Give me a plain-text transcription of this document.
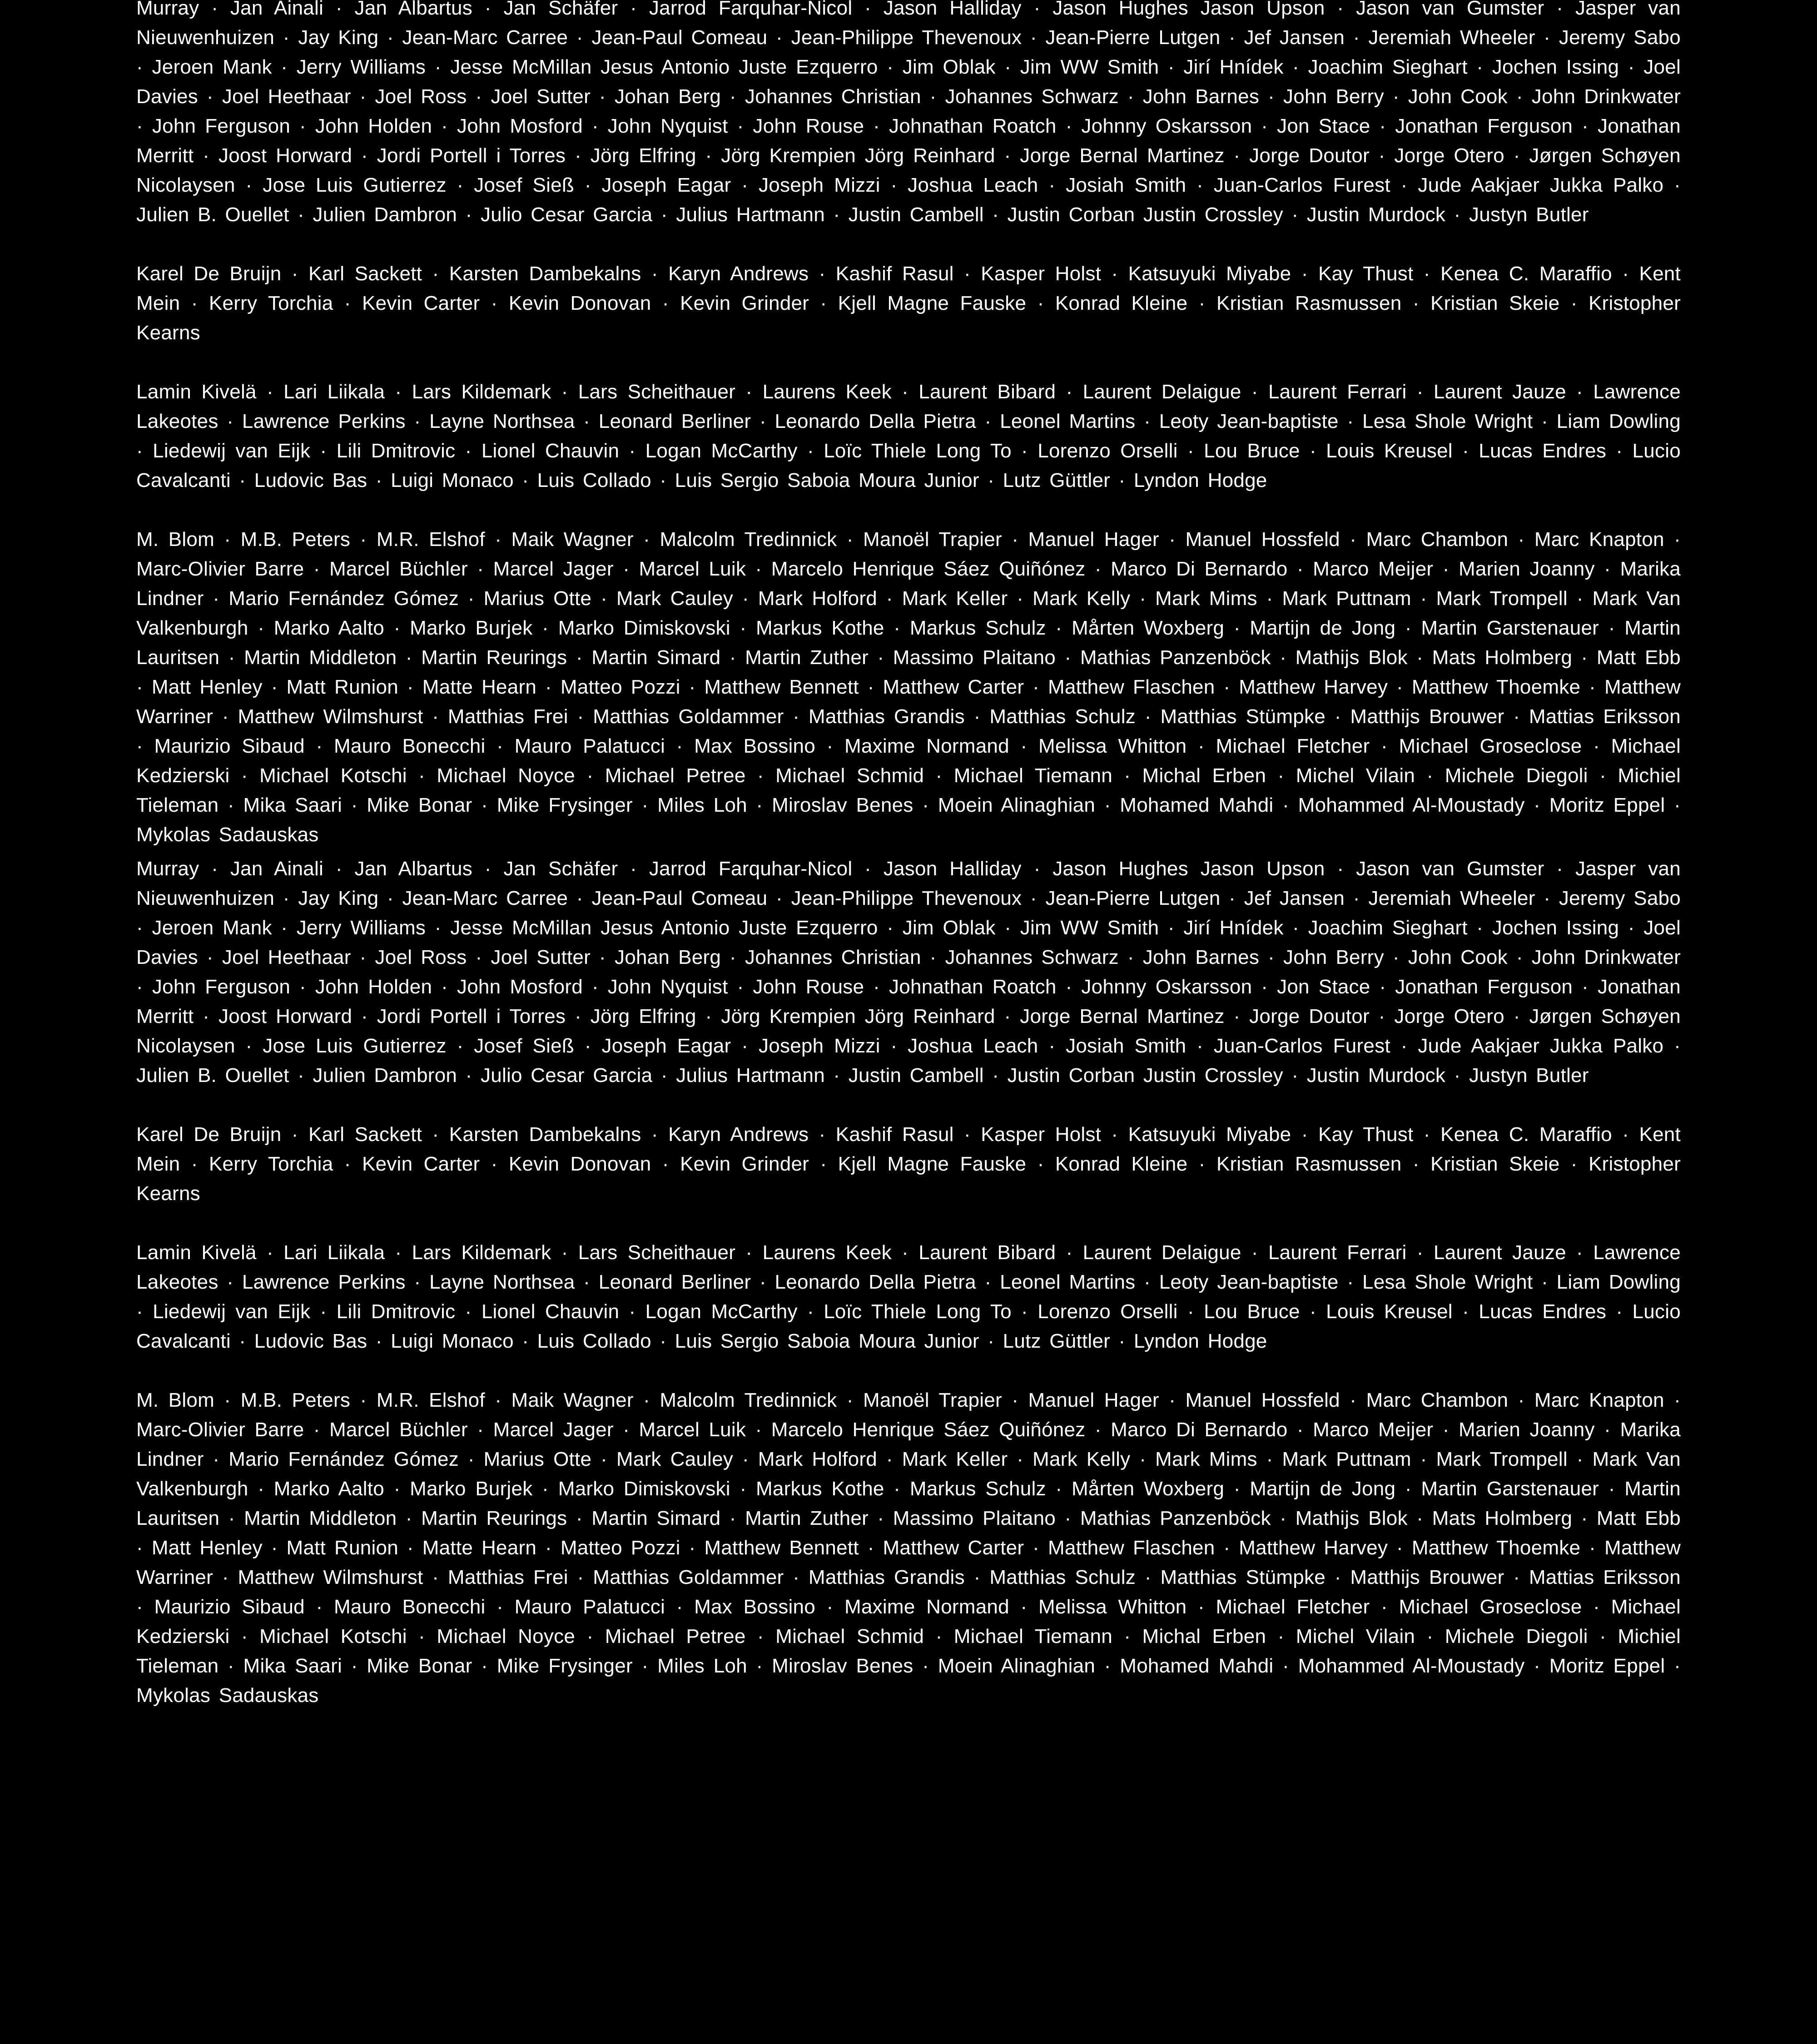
Murray · Jan Ainali · Jan Albartus · Jan Schäfer · Jarrod Farquhar-Nicol · Jason Halliday · Jason Hughes Jason Upson · Jason van Gumster · Jasper van Nieuwenhuizen · Jay King · Jean-Marc Carree · Jean-Paul Comeau · Jean-Philippe Thevenoux · Jean-Pierre Lutgen · Jef Jansen · Jeremiah Wheeler · Jeremy Sabo · Jeroen Mank · Jerry Williams · Jesse McMillan Jesus Antonio Juste Ezquerro · Jim Oblak · Jim WW Smith · Jirí Hnídek · Joachim Sieghart · Jochen Issing · Joel Davies · Joel Heethaar · Joel Ross · Joel Sutter · Johan Berg · Johannes Christian · Johannes Schwarz · John Barnes · John Berry · John Cook · John Drinkwater · John Ferguson · John Holden · John Mosford · John Nyquist · John Rouse · Johnathan Roatch · Johnny Oskarsson · Jon Stace · Jonathan Ferguson · Jonathan Merritt · Joost Horward · Jordi Portell i Torres · Jörg Elfring · Jörg Krempien Jörg Reinhard · Jorge Bernal Martinez · Jorge Doutor · Jorge Otero · Jørgen Schøyen Nicolaysen · Jose Luis Gutierrez · Josef Sieß · Joseph Eagar · Joseph Mizzi · Joshua Leach · Josiah Smith · Juan-Carlos Furest · Jude Aakjaer Jukka Palko · Julien B. Ouellet · Julien Dambron · Julio Cesar Garcia · Julius Hartmann · Justin Cambell · Justin Corban Justin Crossley · Justin Murdock · Justyn Butler

Karel De Bruijn · Karl Sackett · Karsten Dambekalns · Karyn Andrews · Kashif Rasul · Kasper Holst · Katsuyuki Miyabe · Kay Thust · Kenea C. Maraffio · Kent Mein · Kerry Torchia · Kevin Carter · Kevin Donovan · Kevin Grinder · Kjell Magne Fauske · Konrad Kleine · Kristian Rasmussen · Kristian Skeie · Kristopher Kearns

Lamin Kivelä · Lari Liikala · Lars Kildemark · Lars Scheithauer · Laurens Keek · Laurent Bibard · Laurent Delaigue · Laurent Ferrari · Laurent Jauze · Lawrence Lakeotes · Lawrence Perkins · Layne Northsea · Leonard Berliner · Leonardo Della Pietra · Leonel Martins · Leoty Jean-baptiste · Lesa Shole Wright · Liam Dowling · Liedewij van Eijk · Lili Dmitrovic · Lionel Chauvin · Logan McCarthy · Loïc Thiele Long To · Lorenzo Orselli · Lou Bruce · Louis Kreusel · Lucas Endres · Lucio Cavalcanti · Ludovic Bas · Luigi Monaco · Luis Collado · Luis Sergio Saboia Moura Junior · Lutz Güttler · Lyndon Hodge

M. Blom · M.B. Peters · M.R. Elshof · Maik Wagner · Malcolm Tredinnick · Manoël Trapier · Manuel Hager · Manuel Hossfeld · Marc Chambon · Marc Knapton · Marc-Olivier Barre · Marcel Büchler · Marcel Jager · Marcel Luik · Marcelo Henrique Sáez Quiñónez · Marco Di Bernardo · Marco Meijer · Marien Joanny · Marika Lindner · Mario Fernández Gómez · Marius Otte · Mark Cauley · Mark Holford · Mark Keller · Mark Kelly · Mark Mims · Mark Puttnam · Mark Trompell · Mark Van Valkenburgh · Marko Aalto · Marko Burjek · Marko Dimiskovski · Markus Kothe · Markus Schulz · Mårten Woxberg · Martijn de Jong · Martin Garstenauer · Martin Lauritsen · Martin Middleton · Martin Reurings · Martin Simard · Martin Zuther · Massimo Plaitano · Mathias Panzenböck · Mathijs Blok · Mats Holmberg · Matt Ebb · Matt Henley · Matt Runion · Matte Hearn · Matteo Pozzi · Matthew Bennett · Matthew Carter · Matthew Flaschen · Matthew Harvey · Matthew Thoemke · Matthew Warriner · Matthew Wilmshurst · Matthias Frei · Matthias Goldammer · Matthias Grandis · Matthias Schulz · Matthias Stümpke · Matthijs Brouwer · Mattias Eriksson · Maurizio Sibaud · Mauro Bonecchi · Mauro Palatucci · Max Bossino · Maxime Normand · Melissa Whitton · Michael Fletcher · Michael Groseclose · Michael Kedzierski · Michael Kotschi · Michael Noyce · Michael Petree · Michael Schmid · Michael Tiemann · Michal Erben · Michel Vilain · Michele Diegoli · Michiel Tieleman · Mika Saari · Mike Bonar · Mike Frysinger · Miles Loh · Miroslav Benes · Moein Alinaghian · Mohamed Mahdi · Mohammed Al-Moustady · Moritz Eppel · Mykolas Sadauskas

Murray · Jan Ainali · Jan Albartus · Jan Schäfer · Jarrod Farquhar-Nicol · Jason Halliday · Jason Hughes Jason Upson · Jason van Gumster · Jasper van Nieuwenhuizen · Jay King · Jean-Marc Carree · Jean-Paul Comeau · Jean-Philippe Thevenoux · Jean-Pierre Lutgen · Jef Jansen · Jeremiah Wheeler · Jeremy Sabo · Jeroen Mank · Jerry Williams · Jesse McMillan Jesus Antonio Juste Ezquerro · Jim Oblak · Jim WW Smith · Jirí Hnídek · Joachim Sieghart · Jochen Issing · Joel Davies · Joel Heethaar · Joel Ross · Joel Sutter · Johan Berg · Johannes Christian · Johannes Schwarz · John Barnes · John Berry · John Cook · John Drinkwater · John Ferguson · John Holden · John Mosford · John Nyquist · John Rouse · Johnathan Roatch · Johnny Oskarsson · Jon Stace · Jonathan Ferguson · Jonathan Merritt · Joost Horward · Jordi Portell i Torres · Jörg Elfring · Jörg Krempien Jörg Reinhard · Jorge Bernal Martinez · Jorge Doutor · Jorge Otero · Jørgen Schøyen Nicolaysen · Jose Luis Gutierrez · Josef Sieß · Joseph Eagar · Joseph Mizzi · Joshua Leach · Josiah Smith · Juan-Carlos Furest · Jude Aakjaer Jukka Palko · Julien B. Ouellet · Julien Dambron · Julio Cesar Garcia · Julius Hartmann · Justin Cambell · Justin Corban Justin Crossley · Justin Murdock · Justyn Butler

Karel De Bruijn · Karl Sackett · Karsten Dambekalns · Karyn Andrews · Kashif Rasul · Kasper Holst · Katsuyuki Miyabe · Kay Thust · Kenea C. Maraffio · Kent Mein · Kerry Torchia · Kevin Carter · Kevin Donovan · Kevin Grinder · Kjell Magne Fauske · Konrad Kleine · Kristian Rasmussen · Kristian Skeie · Kristopher Kearns

Lamin Kivelä · Lari Liikala · Lars Kildemark · Lars Scheithauer · Laurens Keek · Laurent Bibard · Laurent Delaigue · Laurent Ferrari · Laurent Jauze · Lawrence Lakeotes · Lawrence Perkins · Layne Northsea · Leonard Berliner · Leonardo Della Pietra · Leonel Martins · Leoty Jean-baptiste · Lesa Shole Wright · Liam Dowling · Liedewij van Eijk · Lili Dmitrovic · Lionel Chauvin · Logan McCarthy · Loïc Thiele Long To · Lorenzo Orselli · Lou Bruce · Louis Kreusel · Lucas Endres · Lucio Cavalcanti · Ludovic Bas · Luigi Monaco · Luis Collado · Luis Sergio Saboia Moura Junior · Lutz Güttler · Lyndon Hodge

M. Blom · M.B. Peters · M.R. Elshof · Maik Wagner · Malcolm Tredinnick · Manoël Trapier · Manuel Hager · Manuel Hossfeld · Marc Chambon · Marc Knapton · Marc-Olivier Barre · Marcel Büchler · Marcel Jager · Marcel Luik · Marcelo Henrique Sáez Quiñónez · Marco Di Bernardo · Marco Meijer · Marien Joanny · Marika Lindner · Mario Fernández Gómez · Marius Otte · Mark Cauley · Mark Holford · Mark Keller · Mark Kelly · Mark Mims · Mark Puttnam · Mark Trompell · Mark Van Valkenburgh · Marko Aalto · Marko Burjek · Marko Dimiskovski · Markus Kothe · Markus Schulz · Mårten Woxberg · Martijn de Jong · Martin Garstenauer · Martin Lauritsen · Martin Middleton · Martin Reurings · Martin Simard · Martin Zuther · Massimo Plaitano · Mathias Panzenböck · Mathijs Blok · Mats Holmberg · Matt Ebb · Matt Henley · Matt Runion · Matte Hearn · Matteo Pozzi · Matthew Bennett · Matthew Carter · Matthew Flaschen · Matthew Harvey · Matthew Thoemke · Matthew Warriner · Matthew Wilmshurst · Matthias Frei · Matthias Goldammer · Matthias Grandis · Matthias Schulz · Matthias Stümpke · Matthijs Brouwer · Mattias Eriksson · Maurizio Sibaud · Mauro Bonecchi · Mauro Palatucci · Max Bossino · Maxime Normand · Melissa Whitton · Michael Fletcher · Michael Groseclose · Michael Kedzierski · Michael Kotschi · Michael Noyce · Michael Petree · Michael Schmid · Michael Tiemann · Michal Erben · Michel Vilain · Michele Diegoli · Michiel Tieleman · Mika Saari · Mike Bonar · Mike Frysinger · Miles Loh · Miroslav Benes · Moein Alinaghian · Mohamed Mahdi · Mohammed Al-Moustady · Moritz Eppel · Mykolas Sadauskas
